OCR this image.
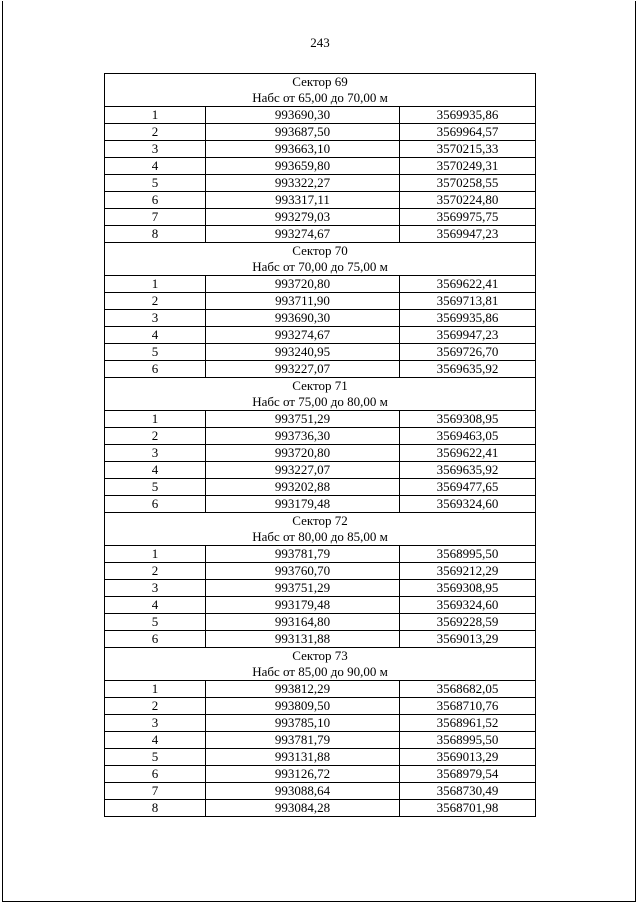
243
Сектор 69		
Набс от 65,00 до 70,00 м		
1	993690,30	3569935,86
2	993687,50	3569964,57
3	993663,10	3570215,33
4	993659,80	3570249,31
5	993322,27	3570258,55
6	993317,11	3570224,80
7	993279,03	3569975,75
8	993274,67	3569947,23
Сектор 70		
Набс от 70,00 до 75,00 м		
1	993720,80	3569622,41
2	993711,90	3569713,81
3	993690,30	3569935,86
4	993274,67	3569947,23
5	993240,95	3569726,70
6	993227,07	3569635,92
Сектор 71		
Набс от 75,00 до 80,00 м		
1	993751,29	3569308,95
2	993736,30	3569463,05
3	993720,80	3569622,41
4	993227,07	3569635,92
5	993202,88	3569477,65
6	993179,48	3569324,60
Сектор 72		
Набс от 80,00 до 85,00 м		
1	993781,79	3568995,50
2	993760,70	3569212,29
3	993751,29	3569308,95
4	993179,48	3569324,60
5	993164,80	3569228,59
6	993131,88	3569013,29
Сектор 73		
Набс от 85,00 до 90,00 м		
1	993812,29	3568682,05
2	993809,50	3568710,76
3	993785,10	3568961,52
4	993781,79	3568995,50
5	993131,88	3569013,29
6	993126,72	3568979,54
7	993088,64	3568730,49
8	993084,28	3568701,98
